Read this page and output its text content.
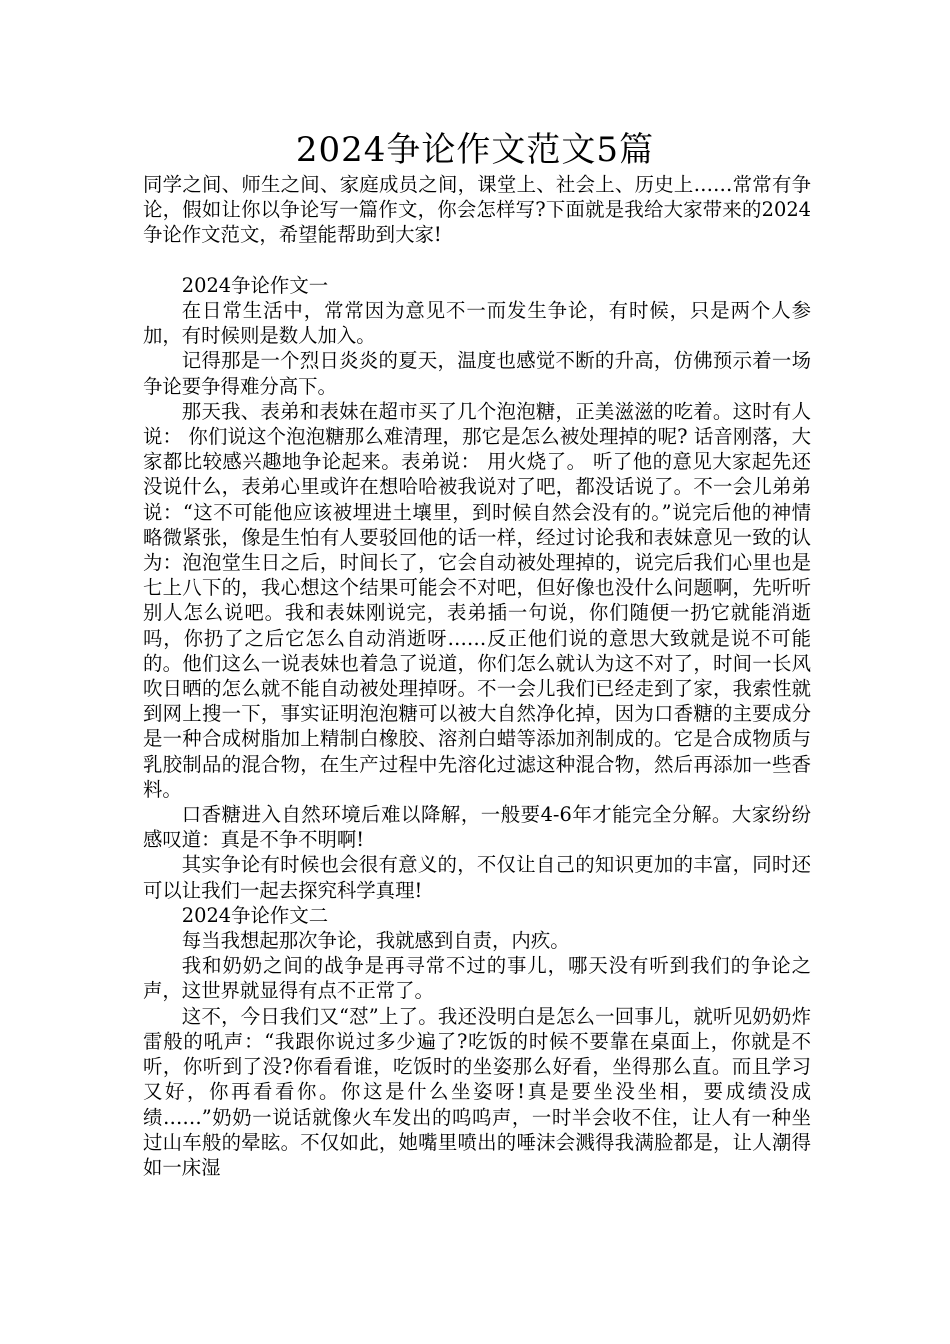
2024争论作文范文5篇

同学之间、师生之间、家庭成员之间，课堂上、社会上、历史上……常常有争论，假如让你以争论写一篇作文，你会怎样写?下面就是我给大家带来的2024争论作文范文，希望能帮助到大家!

2024争论作文一

在日常生活中，常常因为意见不一而发生争论，有时候，只是两个人参加，有时候则是数人加入。

记得那是一个烈日炎炎的夏天，温度也感觉不断的升高，仿佛预示着一场争论要争得难分高下。

那天我、表弟和表妹在超市买了几个泡泡糖，正美滋滋的吃着。这时有人说： 你们说这个泡泡糖那么难清理，那它是怎么被处理掉的呢? 话音刚落，大家都比较感兴趣地争论起来。表弟说： 用火烧了。 听了他的意见大家起先还没说什么，表弟心里或许在想哈哈被我说对了吧，都没话说了。不一会儿弟弟说：“这不可能他应该被埋进土壤里，到时候自然会没有的。”说完后他的神情略微紧张，像是生怕有人要驳回他的话一样，经过讨论我和表妹意见一致的认为：泡泡堂生日之后，时间长了，它会自动被处理掉的，说完后我们心里也是七上八下的，我心想这个结果可能会不对吧，但好像也没什么问题啊，先听听别人怎么说吧。我和表妹刚说完，表弟插一句说，你们随便一扔它就能消逝吗，你扔了之后它怎么自动消逝呀……反正他们说的意思大致就是说不可能的。他们这么一说表妹也着急了说道，你们怎么就认为这不对了，时间一长风吹日晒的怎么就不能自动被处理掉呀。不一会儿我们已经走到了家，我索性就到网上搜一下，事实证明泡泡糖可以被大自然净化掉，因为口香糖的主要成分是一种合成树脂加上精制白橡胶、溶剂白蜡等添加剂制成的。它是合成物质与乳胶制品的混合物，在生产过程中先溶化过滤这种混合物，然后再添加一些香料。

口香糖进入自然环境后难以降解，一般要4-6年才能完全分解。大家纷纷感叹道：真是不争不明啊!

其实争论有时候也会很有意义的，不仅让自己的知识更加的丰富，同时还可以让我们一起去探究科学真理!

2024争论作文二

每当我想起那次争论，我就感到自责，内疚。

我和奶奶之间的战争是再寻常不过的事儿，哪天没有听到我们的争论之声，这世界就显得有点不正常了。

这不，今日我们又“怼”上了。我还没明白是怎么一回事儿，就听见奶奶炸雷般的吼声：“我跟你说过多少遍了?吃饭的时候不要靠在桌面上，你就是不听，你听到了没?你看看谁，吃饭时的坐姿那么好看，坐得那么直。而且学习又好，你再看看你。你这是什么坐姿呀!真是要坐没坐相，要成绩没成绩……”奶奶一说话就像火车发出的呜呜声，一时半会收不住，让人有一种坐过山车般的晕眩。不仅如此，她嘴里喷出的唾沫会溅得我满脸都是，让人潮得如一床湿
